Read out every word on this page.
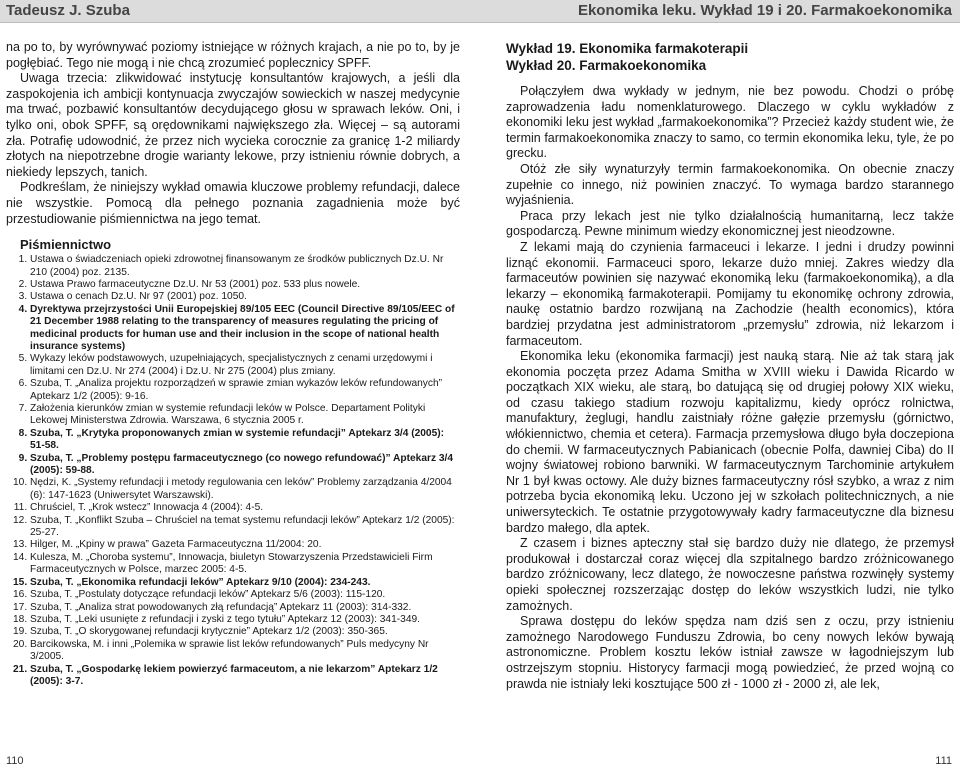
Tadeusz J. Szuba	Ekonomika leku. Wykład 19 i 20. Farmakoekonomika

na po to, by wyrównywać poziomy istniejące w różnych krajach, a nie po to, by je pogłębiać. Tego nie mogą i nie chcą zrozumieć poplecznicy SPFF.

Uwaga trzecia: zlikwidować instytucję konsultantów krajowych, a jeśli dla zaspokojenia ich ambicji kontynuacja zwyczajów sowieckich w naszej medycynie ma trwać, pozbawić konsultantów decydującego głosu w sprawach leków. Oni, i tylko oni, obok SPFF, są orędownikami największego zła. Więcej – są autorami zła. Potrafię udowodnić, że przez nich wycieka corocznie za granicę 1-2 miliardy złotych na niepotrzebne drogie warianty lekowe, przy istnieniu równie dobrych, a niekiedy lepszych, tanich.

Podkreślam, że niniejszy wykład omawia kluczowe problemy refundacji, dalece nie wszystkie. Pomocą dla pełnego poznania zagadnienia może być przestudiowanie piśmiennictwa na jego temat.

Piśmiennictwo
1. Ustawa o świadczeniach opieki zdrowotnej finansowanym ze środków publicznych Dz.U. Nr 210 (2004) poz. 2135.
2. Ustawa Prawo farmaceutyczne Dz.U. Nr 53 (2001) poz. 533 plus nowele.
3. Ustawa o cenach Dz.U. Nr 97 (2001) poz. 1050.
4. Dyrektywa przejrzystości Unii Europejskiej 89/105 EEC (Council Directive 89/105/EEC of 21 December 1988 relating to the transparency of measures regulating the pricing of medicinal products for human use and their inclusion in the scope of national health insurance systems)
5. Wykazy leków podstawowych, uzupełniających, specjalistycznych z cenami urzędowymi i limitami cen Dz.U. Nr 274 (2004) i Dz.U. Nr 275 (2004) plus zmiany.
6. Szuba, T. „Analiza projektu rozporządzeń w sprawie zmian wykazów leków refundowanych” Aptekarz 1/2 (2005): 9-16.
7. Założenia kierunków zmian w systemie refundacji leków w Polsce. Departament Polityki Lekowej Ministerstwa Zdrowia. Warszawa, 6 stycznia 2005 r.
8. Szuba, T. „Krytyka proponowanych zmian w systemie refundacji” Aptekarz 3/4 (2005): 51-58.
9. Szuba, T. „Problemy postępu farmaceutycznego (co nowego refundować)” Aptekarz 3/4 (2005): 59-88.
10. Nędzi, K. „Systemy refundacji i metody regulowania cen leków” Problemy zarządzania 4/2004 (6): 147-1623 (Uniwersytet Warszawski).
11. Chruściel, T. „Krok wstecz” Innowacja 4 (2004): 4-5.
12. Szuba, T. „Konflikt Szuba – Chruściel na temat systemu refundacji leków” Aptekarz 1/2 (2005): 25-27.
13. Hilger, M. „Kpiny w prawa” Gazeta Farmaceutyczna 11/2004: 20.
14. Kulesza, M. „Choroba systemu”, Innowacja, biuletyn Stowarzyszenia Przedstawicieli Firm Farmaceutycznych w Polsce, marzec 2005: 4-5.
15. Szuba, T. „Ekonomika refundacji leków” Aptekarz 9/10 (2004): 234-243.
16. Szuba, T. „Postulaty dotyczące refundacji leków” Aptekarz 5/6 (2003): 115-120.
17. Szuba, T. „Analiza strat powodowanych złą refundacją” Aptekarz 11 (2003): 314-332.
18. Szuba, T. „Leki usunięte z refundacji i zyski z tego tytułu” Aptekarz 12 (2003): 341-349.
19. Szuba, T. „O skorygowanej refundacji krytycznie” Aptekarz 1/2 (2003): 350-365.
20. Barcikowska, M. i inni „Polemika w sprawie list leków refundowanych” Puls medycyny Nr 3/2005.
21. Szuba, T. „Gospodarkę lekiem powierzyć farmaceutom, a nie lekarzom” Aptekarz 1/2 (2005): 3-7.

Wykład 19. Ekonomika farmakoterapii

Wykład 20. Farmakoekonomika

Połączyłem dwa wykłady w jednym, nie bez powodu. Chodzi o próbę zaprowadzenia ładu nomenklaturowego. Dlaczego w cyklu wykładów z ekonomiki leku jest wykład „farmakoekonomika”? Przecież każdy student wie, że termin farmakoekonomika znaczy to samo, co termin ekonomika leku, tyle, że po grecku.

Otóż złe siły wynaturzyły termin farmakoekonomika. On obecnie znaczy zupełnie co innego, niż powinien znaczyć. To wymaga bardzo starannego wyjaśnienia.

Praca przy lekach jest nie tylko działalnością humanitarną, lecz także gospodarczą. Pewne minimum wiedzy ekonomicznej jest nieodzowne.

Z lekami mają do czynienia farmaceuci i lekarze. I jedni i drudzy powinni liznąć ekonomii. Farmaceuci sporo, lekarze dużo mniej. Zakres wiedzy dla farmaceutów powinien się nazywać ekonomiką leku (farmakoekonomiką), a dla lekarzy – ekonomiką farmakoterapii. Pomijamy tu ekonomikę ochrony zdrowia, naukę ostatnio bardzo rozwijaną na Zachodzie (health economics), która bardziej przydatna jest administratorom „przemysłu” zdrowia, niż lekarzom i farmaceutom.

Ekonomika leku (ekonomika farmacji) jest nauką starą. Nie aż tak starą jak ekonomia poczęta przez Adama Smitha w XVIII wieku i Dawida Ricardo w początkach XIX wieku, ale starą, bo datującą się od drugiej połowy XIX wieku, od czasu takiego stadium rozwoju kapitalizmu, kiedy oprócz rolnictwa, manufaktury, żeglugi, handlu zaistniały różne gałęzie przemysłu (górnictwo, włókiennictwo, chemia et cetera). Farmacja przemysłowa długo była doczepiona do chemii. W farmaceutycznych Pabianicach (obecnie Polfa, dawniej Ciba) do II wojny światowej robiono barwniki. W farmaceutycznym Tarchominie artykułem Nr 1 był kwas octowy. Ale duży biznes farmaceutyczny rósł szybko, a wraz z nim potrzeba bycia ekonomiką leku. Uczono jej w szkołach politechnicznych, a nie uniwersyteckich. Te ostatnie przygotowywały kadry farmaceutyczne dla biznesu bardzo małego, dla aptek.

Z czasem i biznes apteczny stał się bardzo duży nie dlatego, że przemysł produkował i dostarczał coraz więcej dla szpitalnego bardzo zróżnicowanego bardzo zróżnicowany, lecz dlatego, że nowoczesne państwa rozwinęły systemy opieki społecznej rozszerzając dostęp do leków wszystkich ludzi, nie tylko zamożnych.

Sprawa dostępu do leków spędza nam dziś sen z oczu, przy istnieniu zamożnego Narodowego Funduszu Zdrowia, bo ceny nowych leków bywają astronomiczne. Problem kosztu leków istniał zawsze w łagodniejszym lub ostrzejszym stopniu. Historycy farmacji mogą powiedzieć, że przed wojną co prawda nie istniały leki kosztujące 500 zł - 1000 zł - 2000 zł, ale lek,

110	111
